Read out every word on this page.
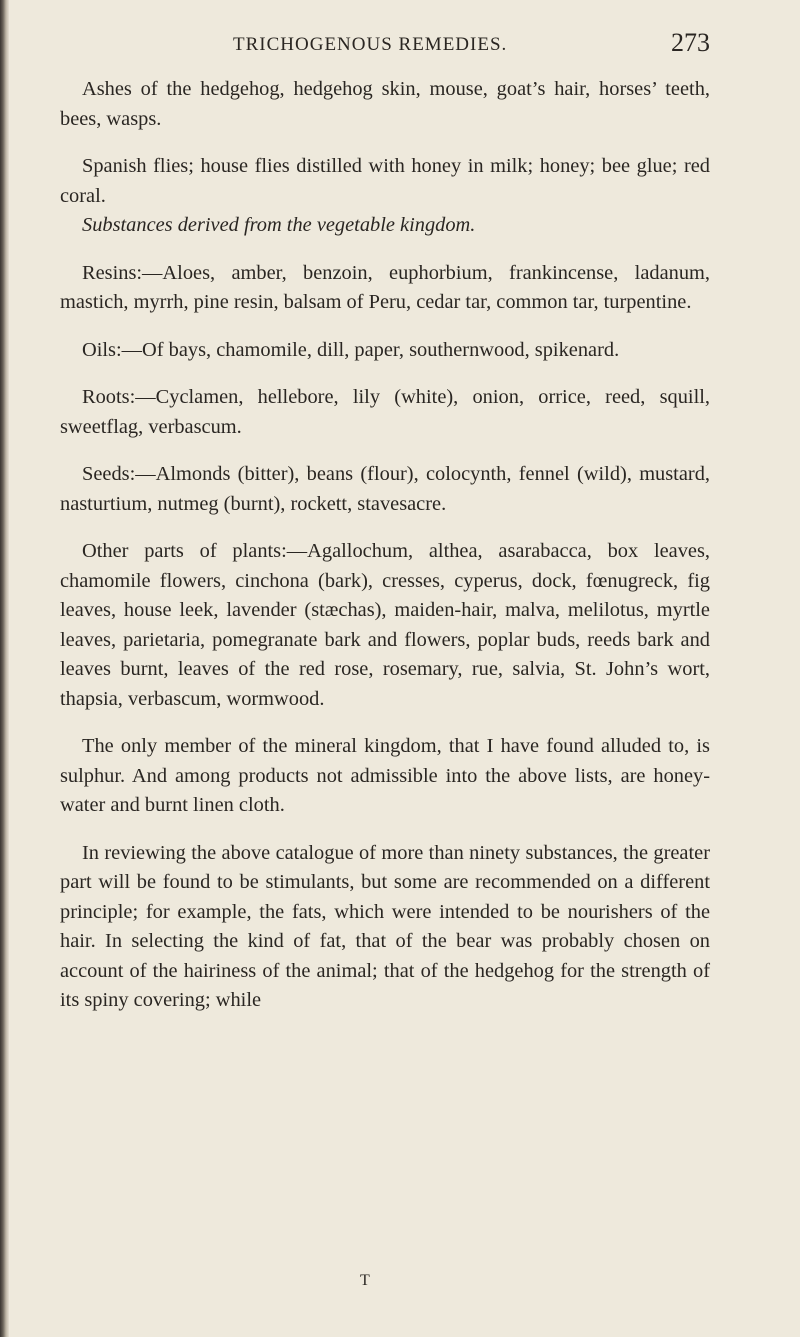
TRICHOGENOUS REMEDIES.	273

Ashes of the hedgehog, hedgehog skin, mouse, goat’s hair, horses’ teeth, bees, wasps.

Spanish flies; house flies distilled with honey in milk; honey; bee glue; red coral.

Substances derived from the vegetable kingdom.

Resins:—Aloes, amber, benzoin, euphorbium, frankincense, ladanum, mastich, myrrh, pine resin, balsam of Peru, cedar tar, common tar, turpentine.

Oils:—Of bays, chamomile, dill, paper, southernwood, spikenard.

Roots:—Cyclamen, hellebore, lily (white), onion, orrice, reed, squill, sweetflag, verbascum.

Seeds:—Almonds (bitter), beans (flour), colocynth, fennel (wild), mustard, nasturtium, nutmeg (burnt), rockett, stavesacre.

Other parts of plants:—Agallochum, althea, asarabacca, box leaves, chamomile flowers, cinchona (bark), cresses, cyperus, dock, fœnugreck, fig leaves, house leek, lavender (stæchas), maiden-hair, malva, melilotus, myrtle leaves, parietaria, pomegranate bark and flowers, poplar buds, reeds bark and leaves burnt, leaves of the red rose, rosemary, rue, salvia, St. John’s wort, thapsia, verbascum, wormwood.

The only member of the mineral kingdom, that I have found alluded to, is sulphur. And among products not admissible into the above lists, are honey-water and burnt linen cloth.

In reviewing the above catalogue of more than ninety substances, the greater part will be found to be stimulants, but some are recommended on a different principle; for example, the fats, which were intended to be nourishers of the hair. In selecting the kind of fat, that of the bear was probably chosen on account of the hairiness of the animal; that of the hedgehog for the strength of its spiny covering; while

T
